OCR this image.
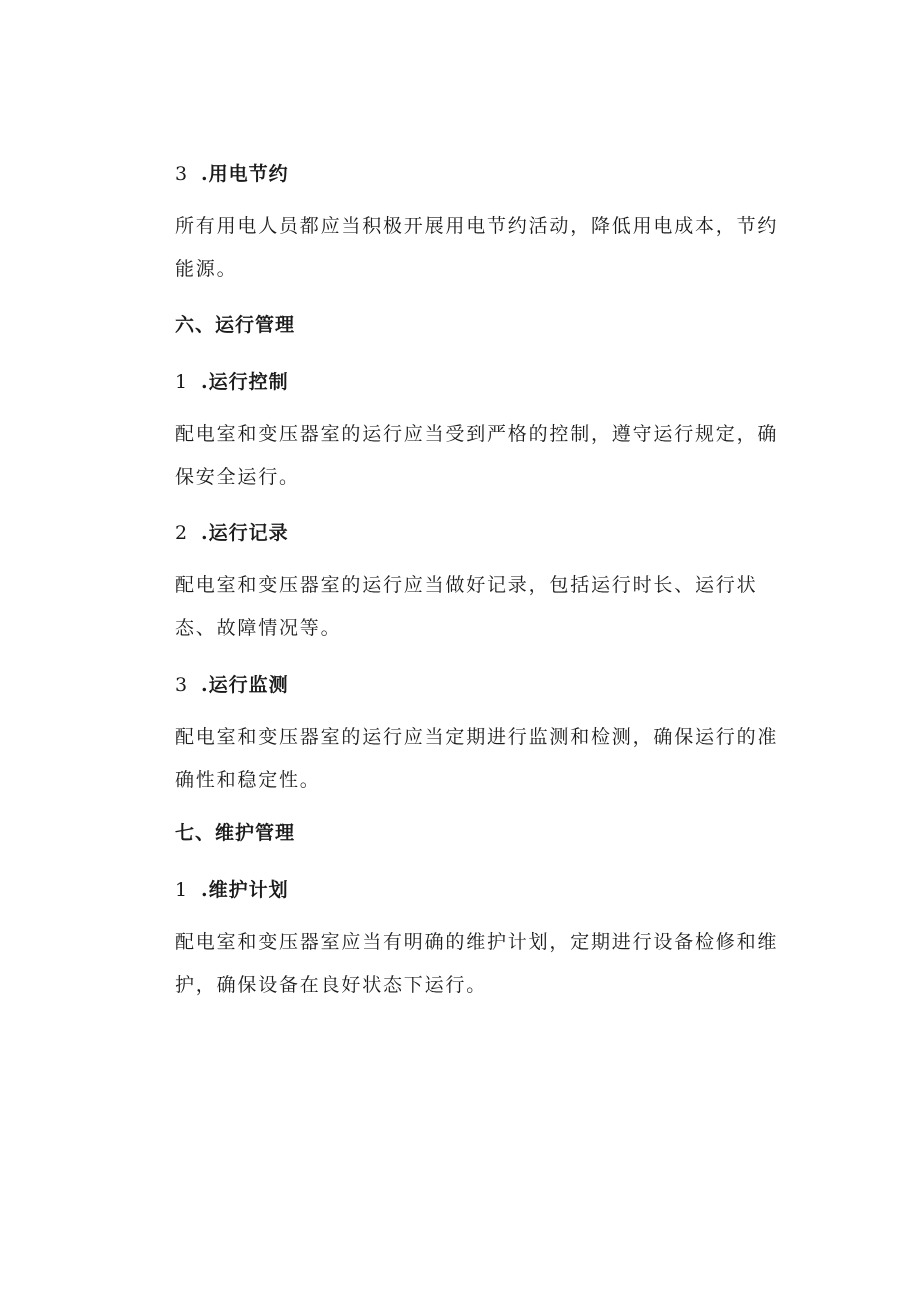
3 .用电节约

所有用电人员都应当积极开展用电节约活动，降低用电成本，节约能源。

六、运行管理

1 .运行控制

配电室和变压器室的运行应当受到严格的控制，遵守运行规定，确保安全运行。

2 .运行记录

配电室和变压器室的运行应当做好记录，包括运行时长、运行状态、故障情况等。

3 .运行监测

配电室和变压器室的运行应当定期进行监测和检测，确保运行的准确性和稳定性。

七、维护管理

1 .维护计划

配电室和变压器室应当有明确的维护计划，定期进行设备检修和维护，确保设备在良好状态下运行。
